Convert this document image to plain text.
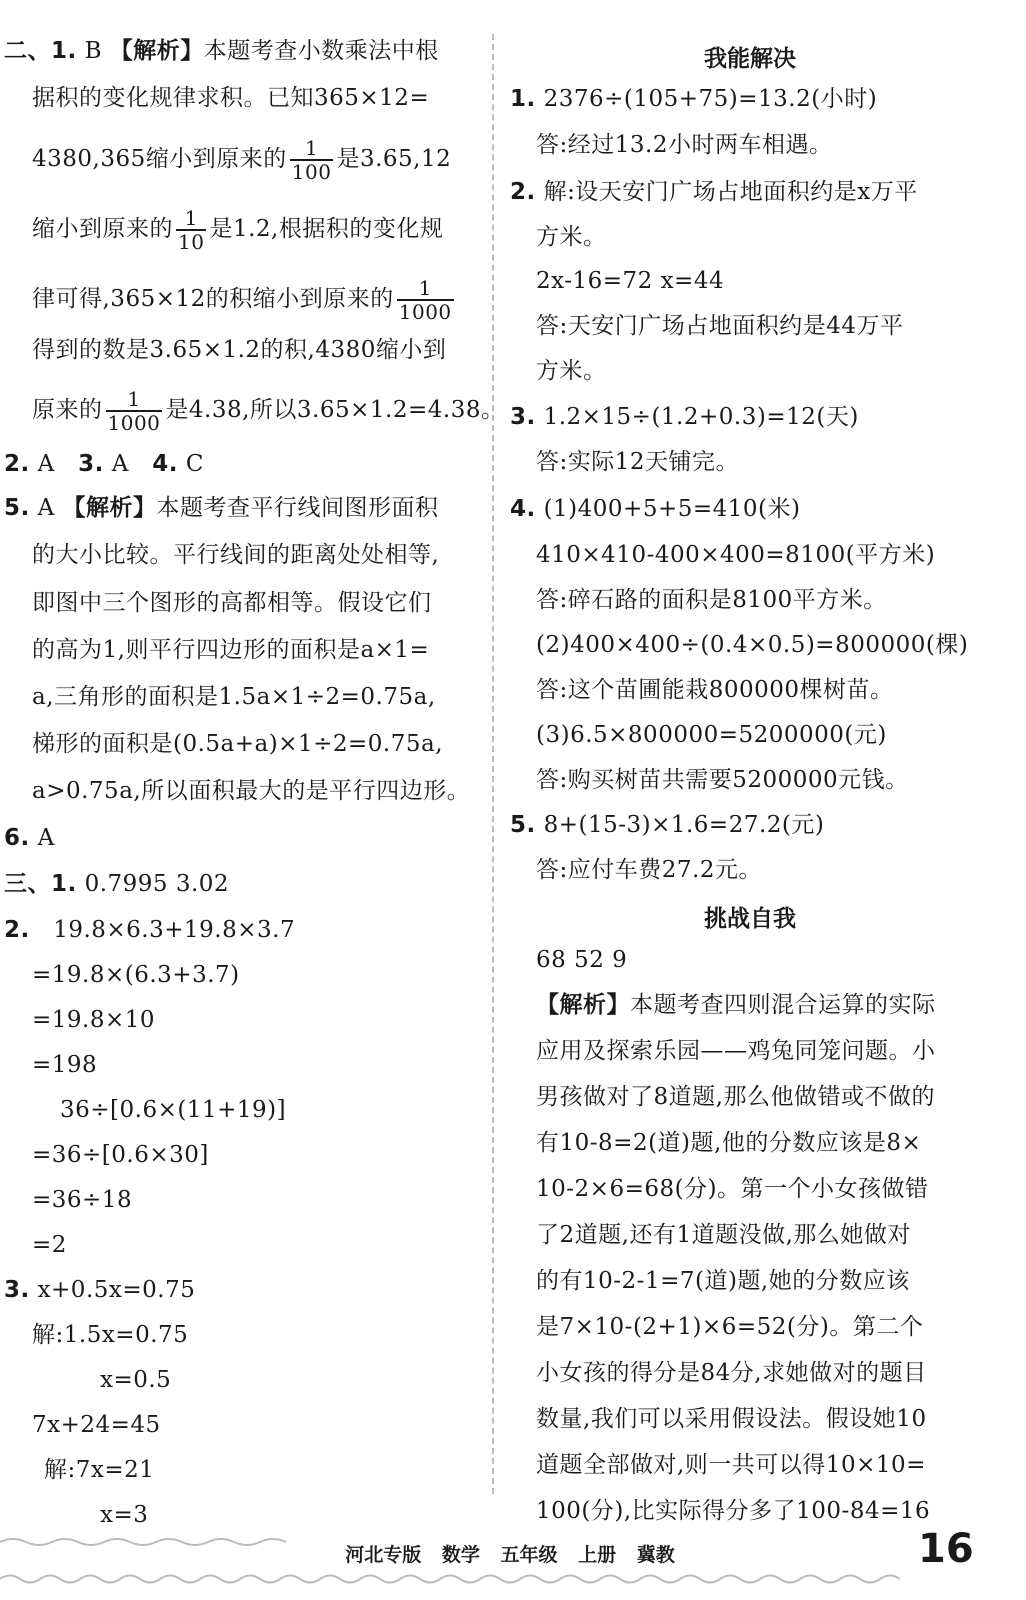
二、1. B 【解析】本题考查小数乘法中根
据积的变化规律求积。已知365×12=
4380,365缩小到原来的 $\frac{1}{100}$ 是3.65,12
缩小到原来的 $\frac{1}{10}$ 是1.2,根据积的变化规
律可得,365×12的积缩小到原来的 $\frac{1}{1000}$
得到的数是3.65×1.2的积,4380缩小到
原来的 $\frac{1}{1000}$ 是4.38,所以3.65×1.2=4.38。
2. A 3. A 4. C
5. A 【解析】本题考查平行线间图形面积
的大小比较。平行线间的距离处处相等,
即图中三个图形的高都相等。假设它们
的高为1,则平行四边形的面积是a×1=
a,三角形的面积是1.5a×1÷2=0.75a,
梯形的面积是(0.5a+a)×1÷2=0.75a,
a>0.75a,所以面积最大的是平行四边形。
6. A
三、1. 0.7995 3.02
2. 19.8×6.3+19.8×3.7
=19.8×(6.3+3.7)
=19.8×10
=198
36÷[0.6×(11+19)]
=36÷[0.6×30]
=36÷18
=2
3. x+0.5x=0.75
解:1.5x=0.75
x=0.5
7x+24=45
解:7x=21
x=3
我能解决
1. 2376÷(105+75)=13.2(小时)
答:经过13.2小时两车相遇。
2. 解:设天安门广场占地面积约是x万平
方米。
2x-16=72 x=44
答:天安门广场占地面积约是44万平
方米。
3. 1.2×15÷(1.2+0.3)=12(天)
答:实际12天铺完。
4. (1)400+5+5=410(米)
410×410-400×400=8100(平方米)
答:碎石路的面积是8100平方米。
(2)400×400÷(0.4×0.5)=800000(棵)
答:这个苗圃能栽800000棵树苗。
(3)6.5×800000=5200000(元)
答:购买树苗共需要5200000元钱。
5. 8+(15-3)×1.6=27.2(元)
答:应付车费27.2元。
挑战自我
68 52 9
【解析】本题考查四则混合运算的实际
应用及探索乐园——鸡兔同笼问题。小
男孩做对了8道题,那么他做错或不做的
有10-8=2(道)题,他的分数应该是8×
10-2×6=68(分)。第一个小女孩做错
了2道题,还有1道题没做,那么她做对
的有10-2-1=7(道)题,她的分数应该
是7×10-(2+1)×6=52(分)。第二个
小女孩的得分是84分,求她做对的题目
数量,我们可以采用假设法。假设她10
道题全部做对,则一共可以得10×10=
100(分),比实际得分多了100-84=16
河北专版 数学 五年级 上册 冀教	16
